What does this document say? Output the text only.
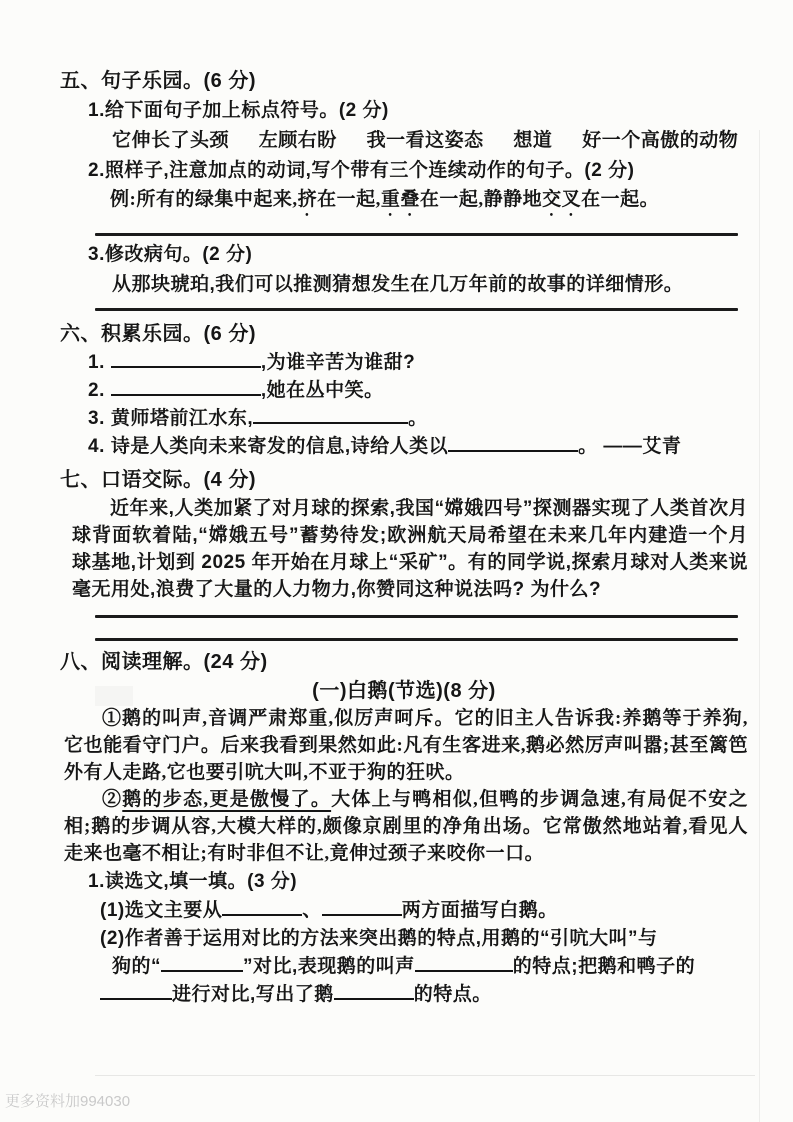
五、句子乐园。(6 分)
1.给下面句子加上标点符号。(2 分)
它伸长了头颈 左顾右盼 我一看这姿态 想道 好一个高傲的动物
2.照样子,注意加点的动词,写个带有三个连续动作的句子。(2 分)
例:所有的绿集中起来,挤在一起,重叠在一起,静静地交叉在一起。
3.修改病句。(2 分)
从那块琥珀,我们可以推测猜想发生在几万年前的故事的详细情形。
六、积累乐园。(6 分)
1.	,为谁辛苦为谁甜?
2.	,她在丛中笑。
3. 黄师塔前江水东,	。
4. 诗是人类向未来寄发的信息,诗给人类以	。 ——艾青
七、口语交际。(4 分)
近年来,人类加紧了对月球的探索,我国“嫦娥四号”探测器实现了人类首次月球背面软着陆,“嫦娥五号”蓄势待发;欧洲航天局希望在未来几年内建造一个月球基地,计划到 2025 年开始在月球上“采矿”。有的同学说,探索月球对人类来说毫无用处,浪费了大量的人力物力,你赞同这种说法吗? 为什么?
八、阅读理解。(24 分)
(一)白鹅(节选)(8 分)
①鹅的叫声,音调严肃郑重,似厉声呵斥。它的旧主人告诉我:养鹅等于养狗,它也能看守门户。后来我看到果然如此:凡有生客进来,鹅必然厉声叫嚣;甚至篱笆外有人走路,它也要引吭大叫,不亚于狗的狂吠。
②鹅的步态,更是傲慢了。大体上与鸭相似,但鸭的步调急速,有局促不安之相;鹅的步调从容,大模大样的,颇像京剧里的净角出场。它常傲然地站着,看见人走来也毫不相让;有时非但不让,竟伸过颈子来咬你一口。
1.读选文,填一填。(3 分)
(1)选文主要从	、	两方面描写白鹅。
(2)作者善于运用对比的方法来突出鹅的特点,用鹅的“引吭大叫”与
狗的“	”对比,表现鹅的叫声	的特点;把鹅和鸭子的
进行对比,写出了鹅	的特点。
更多资料加994030
